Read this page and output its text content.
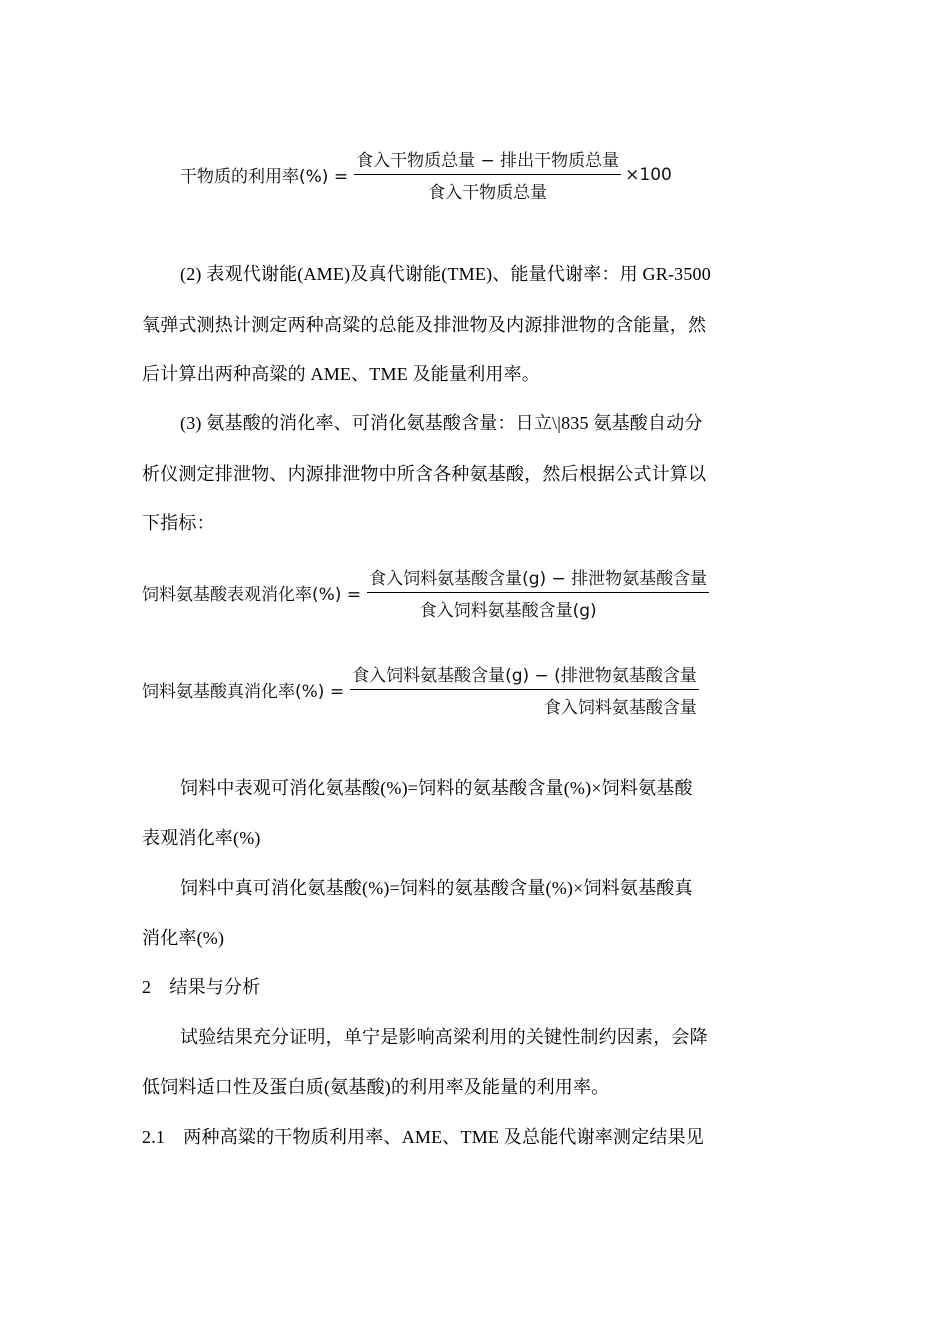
干物质的利用率(%) = $\frac{\text{食入干物质总量 − 排出干物质总量}}{\text{食入干物质总量}} \times 100$
(2) 表观代谢能(AME)及真代谢能(TME)、能量代谢率：用 GR-3500
氧弹式测热计测定两种高粱的总能及排泄物及内源排泄物的含能量，然
后计算出两种高粱的 AME、TME 及能量利用率。
(3) 氨基酸的消化率、可消化氨基酸含量：日立\|835 氨基酸自动分
析仪测定排泄物、内源排泄物中所含各种氨基酸，然后根据公式计算以
下指标：
饲料氨基酸表观消化率(%) = $\frac{\text{食入饲料氨基酸含量(g) − 排泄物氨基酸含量}}{\text{食入饲料氨基酸含量(g)}}$
饲料氨基酸真消化率(%) = $\frac{\text{食入饲料氨基酸含量(g) − (排泄物氨基酸含量}}{\text{食入饲料氨基酸含量}}$
饲料中表观可消化氨基酸(%)=饲料的氨基酸含量(%)×饲料氨基酸
表观消化率(%)
饲料中真可消化氨基酸(%)=饲料的氨基酸含量(%)×饲料氨基酸真
消化率(%)
2　结果与分析
试验结果充分证明，单宁是影响高梁利用的关键性制约因素，会降
低饲料适口性及蛋白质(氨基酸)的利用率及能量的利用率。
2.1　两种高粱的干物质利用率、AME、TME 及总能代谢率测定结果见
